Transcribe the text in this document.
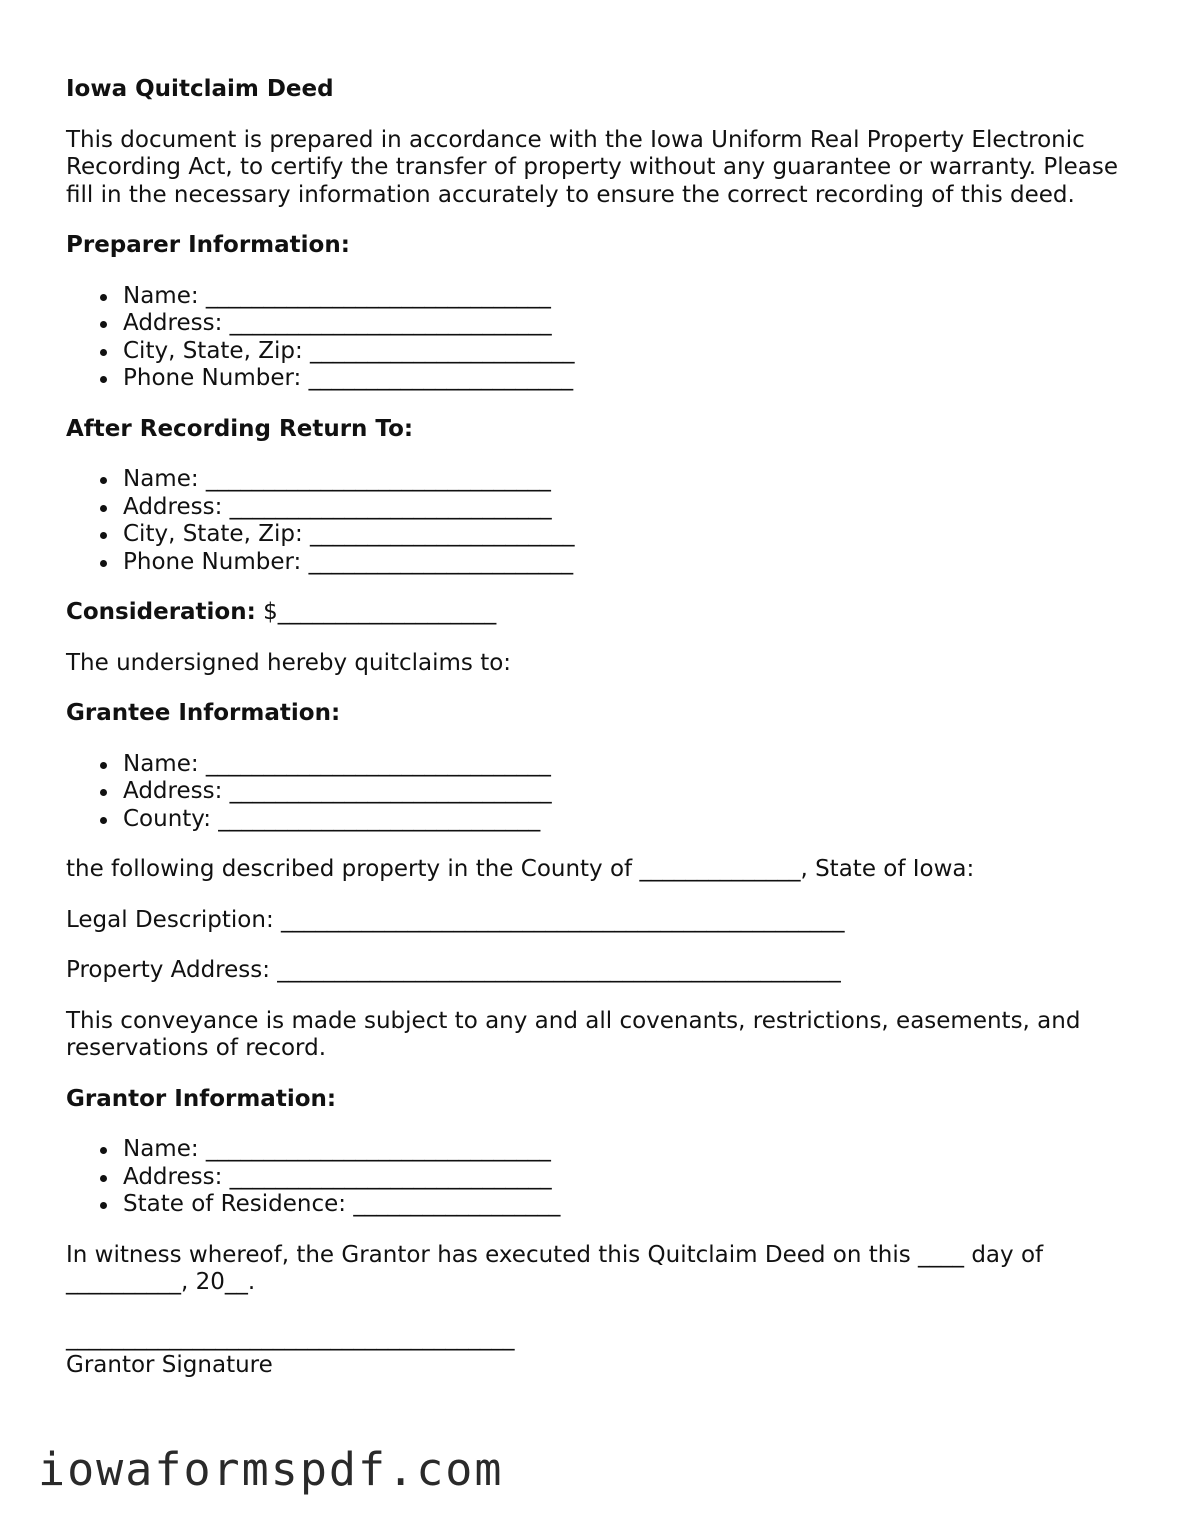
Iowa Quitclaim Deed

This document is prepared in accordance with the Iowa Uniform Real Property Electronic Recording Act, to certify the transfer of property without any guarantee or warranty. Please fill in the necessary information accurately to ensure the correct recording of this deed.

Preparer Information:
Name: ______________________________
Address: ____________________________
City, State, Zip: _______________________
Phone Number: _______________________
After Recording Return To:
Name: ______________________________
Address: ____________________________
City, State, Zip: _______________________
Phone Number: _______________________

Consideration: $___________________

The undersigned hereby quitclaims to:

Grantee Information:
Name: ______________________________
Address: ____________________________
County: ____________________________

the following described property in the County of ______________, State of Iowa:

Legal Description: _________________________________________________

Property Address: _________________________________________________

This conveyance is made subject to any and all covenants, restrictions, easements, and reservations of record.

Grantor Information:
Name: ______________________________
Address: ____________________________
State of Residence: __________________

In witness whereof, the Grantor has executed this Quitclaim Deed on this ____ day of __________, 20__.

_______________________________________

Grantor Signature

iowaformspdf.com
